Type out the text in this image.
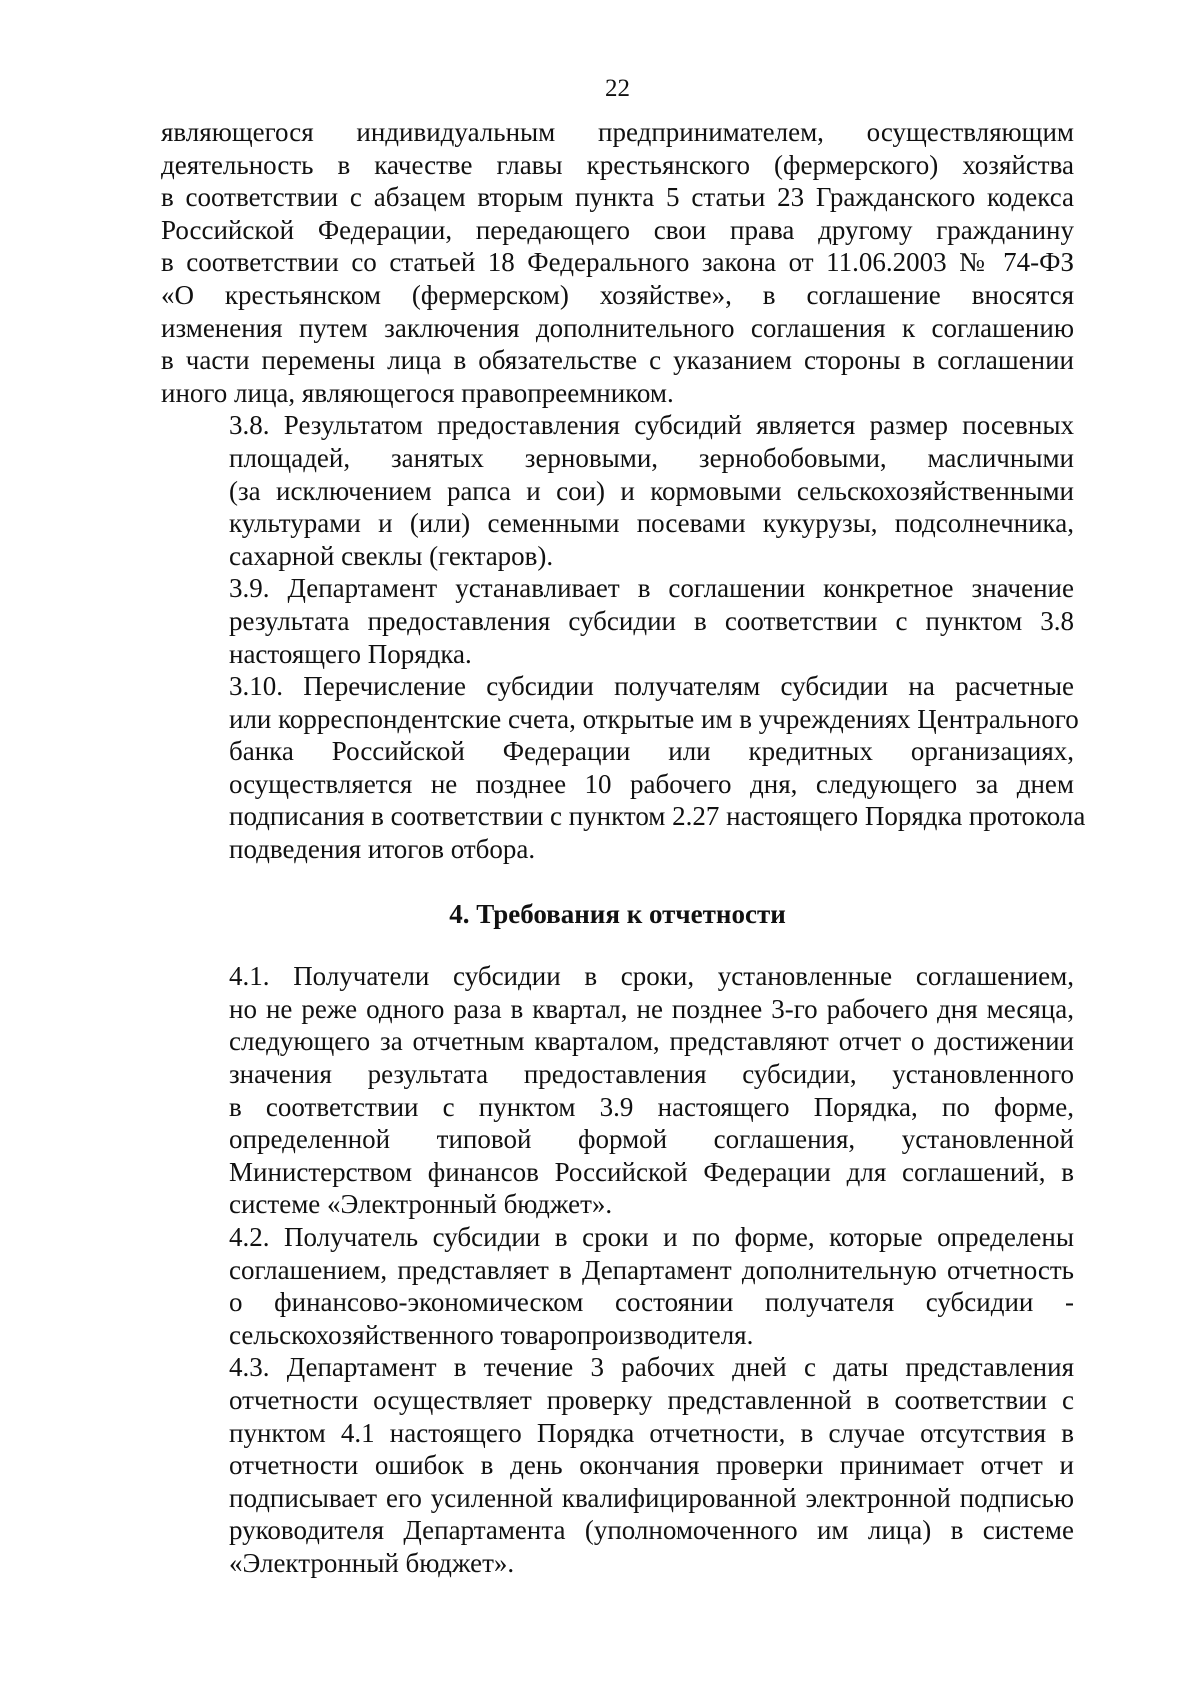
22

являющегося индивидуальным предпринимателем, осуществляющим
деятельность в качестве главы крестьянского (фермерского) хозяйства
в соответствии с абзацем вторым пункта 5 статьи 23 Гражданского кодекса
Российской Федерации, передающего свои права другому гражданину
в соответствии со статьей 18 Федерального закона от 11.06.2003 № 74-ФЗ
«О крестьянском (фермерском) хозяйстве», в соглашение вносятся
изменения путем заключения дополнительного соглашения к соглашению
в части перемены лица в обязательстве с указанием стороны в соглашении
иного лица, являющегося правопреемником.

3.8. Результатом предоставления субсидий является размер посевных
площадей, занятых зерновыми, зернобобовыми, масличными
(за исключением рапса и сои) и кормовыми сельскохозяйственными
культурами и (или) семенными посевами кукурузы, подсолнечника,
сахарной свеклы (гектаров).

3.9. Департамент устанавливает в соглашении конкретное значение
результата предоставления субсидии в соответствии с пунктом 3.8
настоящего Порядка.

3.10. Перечисление субсидии получателям субсидии на расчетные
или корреспондентские счета, открытые им в учреждениях Центрального
банка Российской Федерации или кредитных организациях,
осуществляется не позднее 10 рабочего дня, следующего за днем
подписания в соответствии с пунктом 2.27 настоящего Порядка протокола
подведения итогов отбора.

4. Требования к отчетности

4.1. Получатели субсидии в сроки, установленные соглашением,
но не реже одного раза в квартал, не позднее 3-го рабочего дня месяца,
следующего за отчетным кварталом, представляют отчет о достижении
значения результата предоставления субсидии, установленного
в соответствии с пунктом 3.9 настоящего Порядка, по форме,
определенной типовой формой соглашения, установленной
Министерством финансов Российской Федерации для соглашений, в
системе «Электронный бюджет».

4.2. Получатель субсидии в сроки и по форме, которые определены
соглашением, представляет в Департамент дополнительную отчетность
о финансово-экономическом состоянии получателя субсидии -
сельскохозяйственного товаропроизводителя.

4.3. Департамент в течение 3 рабочих дней с даты представления
отчетности осуществляет проверку представленной в соответствии с
пунктом 4.1 настоящего Порядка отчетности, в случае отсутствия в
отчетности ошибок в день окончания проверки принимает отчет и
подписывает его усиленной квалифицированной электронной подписью
руководителя Департамента (уполномоченного им лица) в системе
«Электронный бюджет».
